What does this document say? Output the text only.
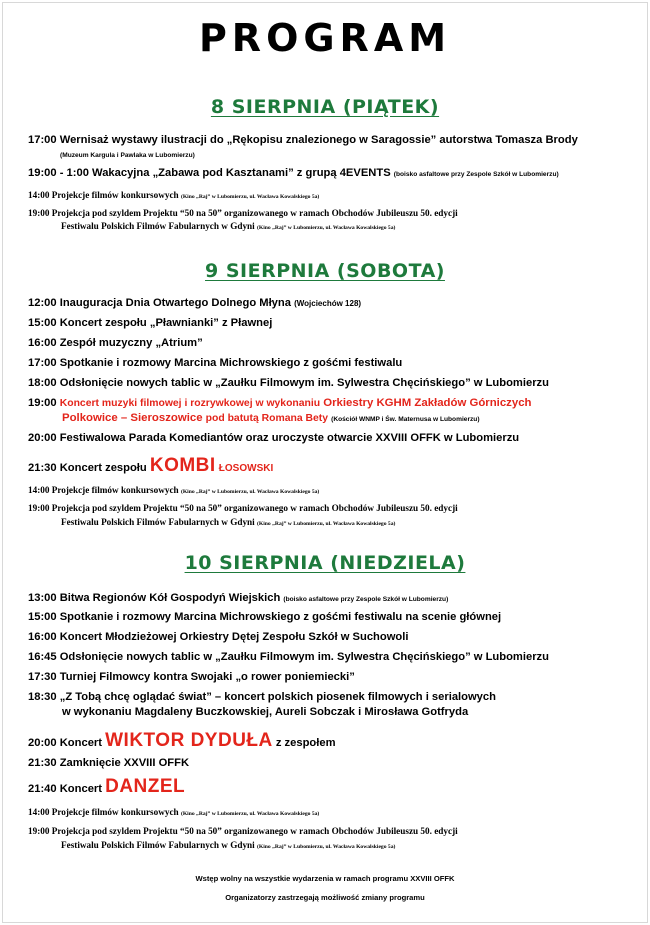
PROGRAM
8 SIERPNIA (PIĄTEK)
17:00 Wernisaż wystawy ilustracji do „Rękopisu znalezionego w Saragossie” autorstwa Tomasza Brody
(Muzeum Kargula i Pawlaka w Lubomierzu)
19:00 - 1:00 Wakacyjna „Zabawa pod Kasztanami” z grupą 4EVENTS (boisko asfaltowe przy Zespole Szkół w Lubomierzu)
14:00 Projekcje filmów konkursowych (Kino „Raj” w Lubomierzu, ul. Wacława Kowalskiego 5a)
19:00 Projekcja pod szyldem Projektu “50 na 50” organizowanego w ramach Obchodów Jubileuszu 50. edycji
Festiwalu Polskich Filmów Fabularnych w Gdyni (Kino „Raj” w Lubomierzu, ul. Wacława Kowalskiego 5a)
9 SIERPNIA (SOBOTA)
12:00 Inauguracja Dnia Otwartego Dolnego Młyna (Wojciechów 128)
15:00 Koncert zespołu „Pławnianki” z Pławnej
16:00 Zespół muzyczny „Atrium”
17:00 Spotkanie i rozmowy Marcina Michrowskiego z gośćmi festiwalu
18:00 Odsłonięcie nowych tablic w „Zaułku Filmowym im. Sylwestra Chęcińskiego” w Lubomierzu
19:00 Koncert muzyki filmowej i rozrywkowej w wykonaniu Orkiestry KGHM Zakładów Górniczych
Polkowice – Sieroszowice pod batutą Romana Bety (Kościół WNMP i Św. Maternusa w Lubomierzu)
20:00 Festiwalowa Parada Komediantów oraz uroczyste otwarcie XXVIII OFFK w Lubomierzu
21:30 Koncert zespołu KOMBI ŁOSOWSKI
14:00 Projekcje filmów konkursowych (Kino „Raj” w Lubomierzu, ul. Wacława Kowalskiego 5a)
19:00 Projekcja pod szyldem Projektu “50 na 50” organizowanego w ramach Obchodów Jubileuszu 50. edycji
Festiwalu Polskich Filmów Fabularnych w Gdyni (Kino „Raj” w Lubomierzu, ul. Wacława Kowalskiego 5a)
10 SIERPNIA (NIEDZIELA)
13:00 Bitwa Regionów Kół Gospodyń Wiejskich (boisko asfaltowe przy Zespole Szkół w Lubomierzu)
15:00 Spotkanie i rozmowy Marcina Michrowskiego z gośćmi festiwalu na scenie głównej
16:00 Koncert Młodzieżowej Orkiestry Dętej Zespołu Szkół w Suchowoli
16:45 Odsłonięcie nowych tablic w „Zaułku Filmowym im. Sylwestra Chęcińskiego” w Lubomierzu
17:30 Turniej Filmowcy kontra Swojaki „o rower poniemiecki”
18:30 „Z Tobą chcę oglądać świat” – koncert polskich piosenek filmowych i serialowych
w wykonaniu Magdaleny Buczkowskiej, Aureli Sobczak i Mirosława Gotfryda
20:00 Koncert WIKTOR DYDUŁA z zespołem
21:30 Zamknięcie XXVIII OFFK
21:40 Koncert DANZEL
14:00 Projekcje filmów konkursowych (Kino „Raj” w Lubomierzu, ul. Wacława Kowalskiego 5a)
19:00 Projekcja pod szyldem Projektu “50 na 50” organizowanego w ramach Obchodów Jubileuszu 50. edycji
Festiwalu Polskich Filmów Fabularnych w Gdyni (Kino „Raj” w Lubomierzu, ul. Wacława Kowalskiego 5a)
Wstęp wolny na wszystkie wydarzenia w ramach programu XXVIII OFFK
Organizatorzy zastrzegają możliwość zmiany programu
